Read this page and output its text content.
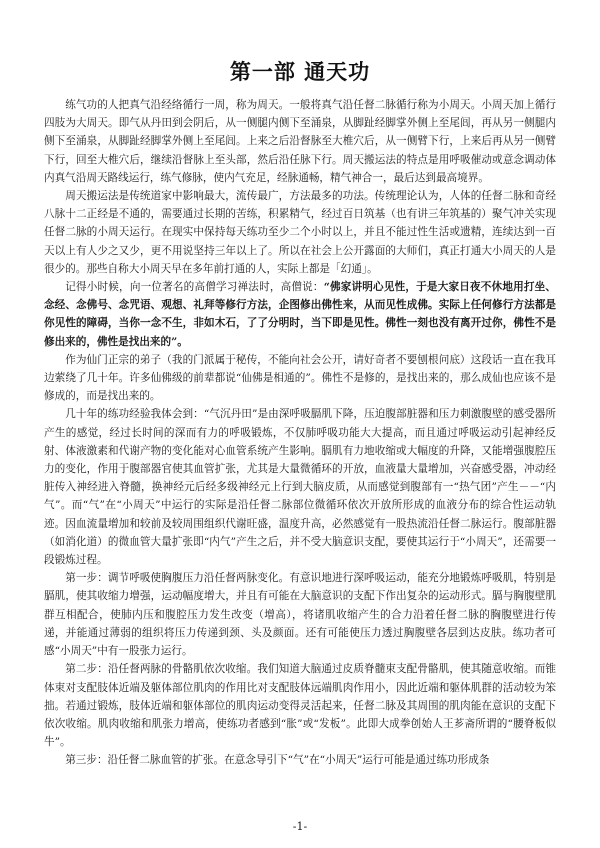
第一部 通天功

练气功的人把真气沿经络循行一周，称为周天。一般将真气沿任督二脉循行称为小周天。小周天加上循行四肢为大周天。即气从丹田到会阴后，从一侧腿内侧下至涌泉，从脚趾经脚掌外侧上至尾闾，再从另一侧腿内侧下至涌泉，从脚趾经脚掌外侧上至尾闾。上来之后沿督脉至大椎穴后，从一侧臂下行，上来后再从另一侧臂下行，回至大椎穴后，继续沿督脉上至头部，然后沿任脉下行。周天搬运法的特点是用呼吸催动或意念调动体内真气沿周天路线运行，练气修脉，使内气充足，经脉通畅，精气神合一，最后达到最高境界。

周天搬运法是传统道家中影响最大，流传最广，方法最多的功法。传统理论认为，人体的任督二脉和奇经八脉十二正经是不通的，需要通过长期的苦练，积累精气，经过百日筑基（也有讲三年筑基的）聚气冲关实现任督二脉的小周天运行。在现实中保持每天练功至少二个小时以上，并且不能过性生活或遗精，连续达到一百天以上有人少之又少，更不用说坚持三年以上了。所以在社会上公开露面的大师们，真正打通大小周天的人是很少的。那些自称大小周天早在多年前打通的人，实际上都是「幻通」。

记得小时候，向一位著名的高僧学习禅法时，高僧说：“佛家讲明心见性，于是大家日夜不休地用打坐、念经、念佛号、念咒语、观想、礼拜等修行方法，企图修出佛性来，从而见性成佛。实际上任何修行方法都是你见性的障碍，当你一念不生，非如木石，了了分明时，当下即是见性。佛性一刻也没有离开过你，佛性不是修出来的，佛性是找出来的”。

作为仙门正宗的弟子（我的门派属于秘传，不能向社会公开，请好奇者不要刨根问底）这段话一直在我耳边萦绕了几十年。许多仙佛级的前辈都说“仙佛是相通的”。佛性不是修的，是找出来的，那么成仙也应该不是修成的，而是找出来的。

几十年的练功经验我体会到：“气沉丹田”是由深呼吸膈肌下降，压迫腹部脏器和压力刺激腹壁的感受器所产生的感觉，经过长时间的深而有力的呼吸锻炼，不仅肺呼吸功能大大提高，而且通过呼吸运动引起神经反射、体液激素和代谢产物的变化能对心血管系统产生影响。膈肌有力地收缩或大幅度的升降，又能增强腹腔压力的变化，作用于腹部器官使其血管扩张，尤其是大量微循环的开放，血液量大量增加，兴奋感受器，冲动经脏传入神经进入脊髓，换神经元后经多级神经元上行到大脑皮质，从而感觉到腹部有一“热气团”产生－－“内气”。而“气”在“小周天”中运行的实际是沿任督二脉部位微循环依次开放所形成的血液分布的综合性运动轨迹。因血流量增加和较前及较周围组织代谢旺盛，温度升高，必然感觉有一股热流沿任督二脉运行。腹部脏器（如消化道）的微血管大量扩张即“内气”产生之后，并不受大脑意识支配，要使其运行于“小周天”，还需要一段锻炼过程。

第一步：调节呼吸使胸腹压力沿任督两脉变化。有意识地进行深呼吸运动，能充分地锻炼呼吸肌，特别是膈肌，使其收缩力增强，运动幅度增大，并且有可能在大脑意识的支配下作出复杂的运动形式。膈与胸腹壁肌群互相配合，使肺内压和腹腔压力发生改变（增高），将诸肌收缩产生的合力沿着任督二脉的胸腹壁进行传递，并能通过薄弱的组织将压力传递到颈、头及颜面。还有可能使压力透过胸腹壁各层到达皮肤。练功者可感“小周天”中有一股张力运行。

第二步：沿任督两脉的骨骼肌依次收缩。我们知道大脑通过皮质脊髓束支配骨骼肌，使其随意收缩。而锥体束对支配肢体近端及躯体部位肌肉的作用比对支配肢体远端肌肉作用小，因此近端和躯体肌群的活动较为笨拙。若通过锻炼，肢体近端和躯体部位的肌肉运动变得灵活起来，任督二脉及其周围的肌肉能在意识的支配下依次收缩。肌肉收缩和肌张力增高，使练功者感到“胀”或“发板”。此即大成拳创始人王芗斋所谓的“腰脊板似牛”。

第三步：沿任督二脉血管的扩张。在意念导引下“气”在“小周天”运行可能是通过练功形成条

-1-
